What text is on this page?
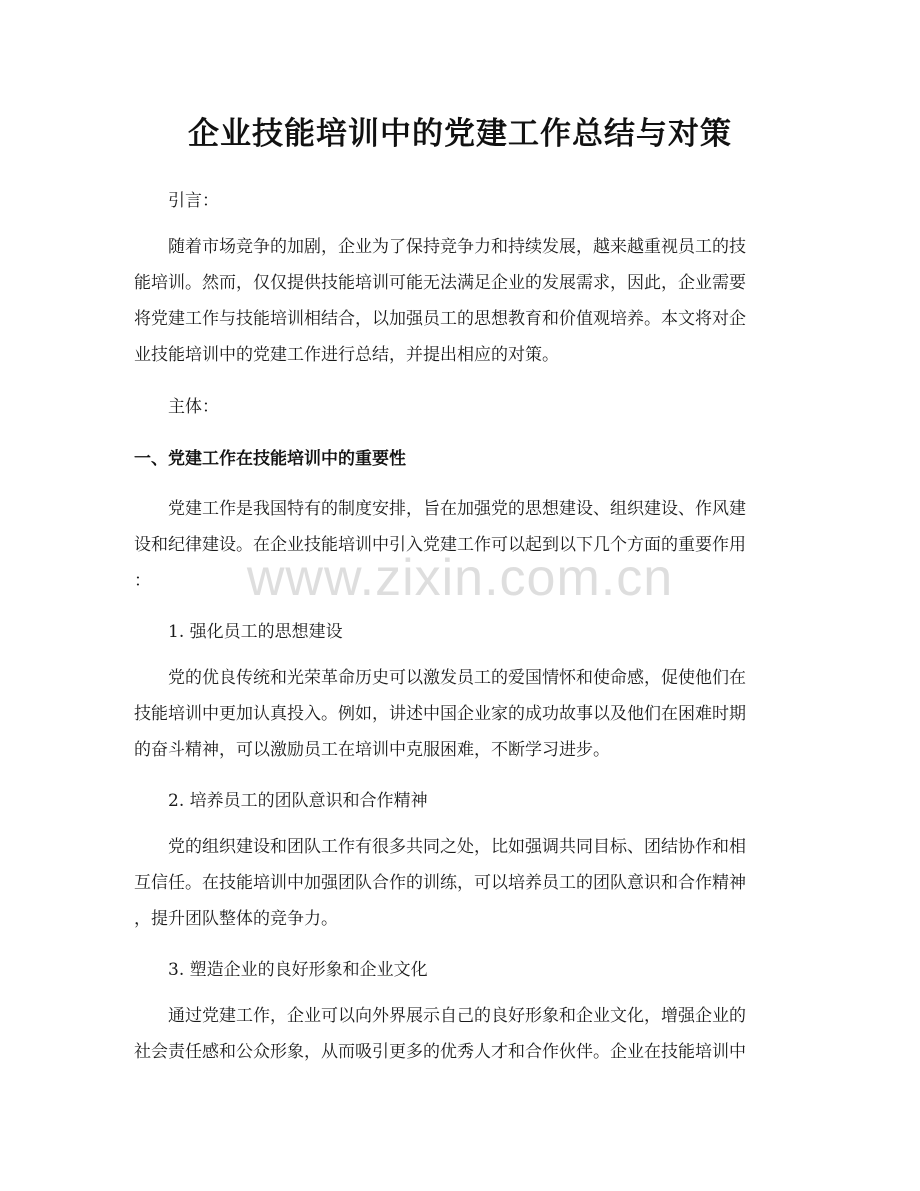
企业技能培训中的党建工作总结与对策
引言：
随着市场竞争的加剧，企业为了保持竞争力和持续发展，越来越重视员工的技
能培训。然而，仅仅提供技能培训可能无法满足企业的发展需求，因此，企业需要
将党建工作与技能培训相结合，以加强员工的思想教育和价值观培养。本文将对企
业技能培训中的党建工作进行总结，并提出相应的对策。
主体：
一、党建工作在技能培训中的重要性
党建工作是我国特有的制度安排，旨在加强党的思想建设、组织建设、作风建
设和纪律建设。在企业技能培训中引入党建工作可以起到以下几个方面的重要作用
：
1. 强化员工的思想建设
党的优良传统和光荣革命历史可以激发员工的爱国情怀和使命感，促使他们在
技能培训中更加认真投入。例如，讲述中国企业家的成功故事以及他们在困难时期
的奋斗精神，可以激励员工在培训中克服困难，不断学习进步。
2. 培养员工的团队意识和合作精神
党的组织建设和团队工作有很多共同之处，比如强调共同目标、团结协作和相
互信任。在技能培训中加强团队合作的训练，可以培养员工的团队意识和合作精神
，提升团队整体的竞争力。
3. 塑造企业的良好形象和企业文化
通过党建工作，企业可以向外界展示自己的良好形象和企业文化，增强企业的
社会责任感和公众形象，从而吸引更多的优秀人才和合作伙伴。企业在技能培训中
www.zixin.com.cn
